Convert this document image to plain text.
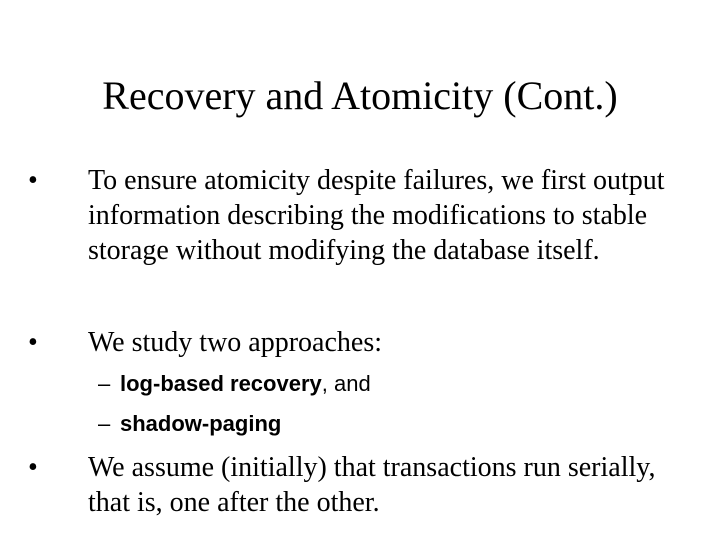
Recovery and Atomicity (Cont.)
•	To ensure atomicity despite failures, we first output information describing the modifications to stable storage without modifying the database itself.
•	We study two approaches:
– log-based recovery, and
– shadow-paging
•	We assume (initially) that transactions run serially, that is, one after the other.
